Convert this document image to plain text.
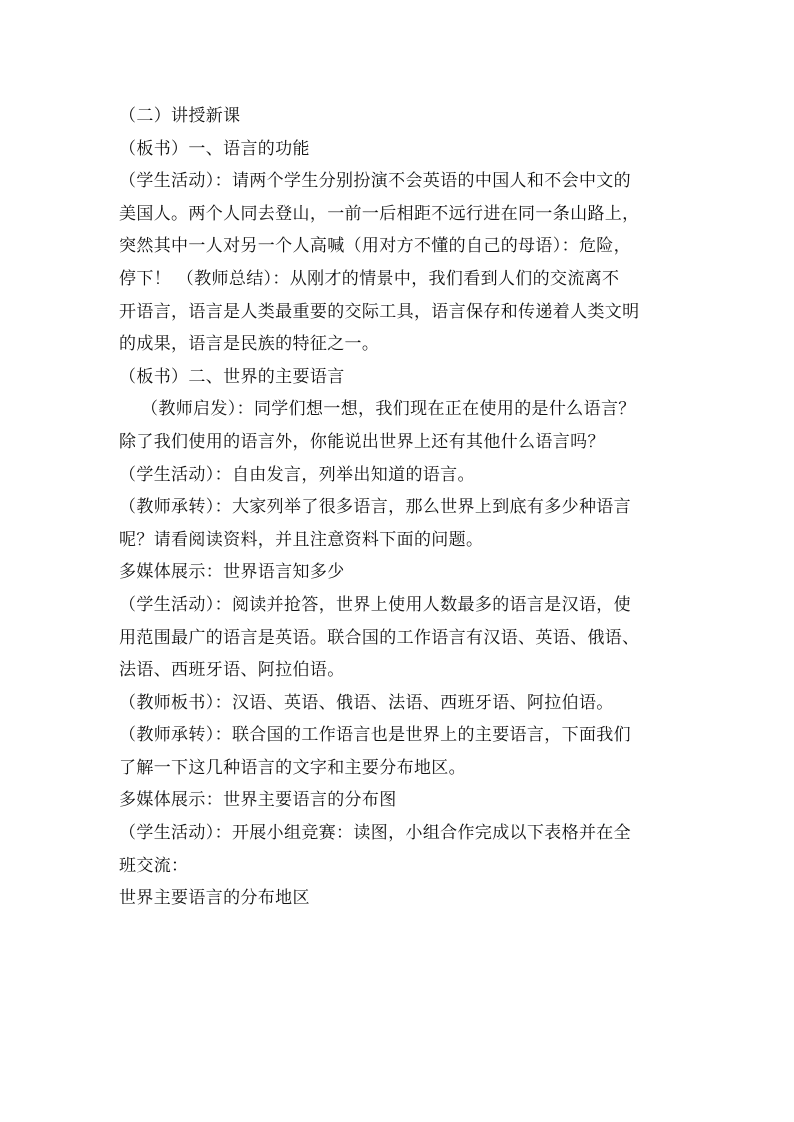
（二）讲授新课
（板书）一、语言的功能
（学生活动）：请两个学生分别扮演不会英语的中国人和不会中文的
美国人。两个人同去登山，一前一后相距不远行进在同一条山路上，
突然其中一人对另一个人高喊（用对方不懂的自己的母语）：危险，
停下！ （教师总结）：从刚才的情景中，我们看到人们的交流离不
开语言，语言是人类最重要的交际工具，语言保存和传递着人类文明
的成果，语言是民族的特征之一。
（板书）二、世界的主要语言
（教师启发）：同学们想一想，我们现在正在使用的是什么语言？
除了我们使用的语言外，你能说出世界上还有其他什么语言吗？
（学生活动）：自由发言，列举出知道的语言。
（教师承转）：大家列举了很多语言，那么世界上到底有多少种语言
呢？请看阅读资料，并且注意资料下面的问题。
多媒体展示：世界语言知多少
（学生活动）：阅读并抢答，世界上使用人数最多的语言是汉语，使
用范围最广的语言是英语。联合国的工作语言有汉语、英语、俄语、
法语、西班牙语、阿拉伯语。
（教师板书）：汉语、英语、俄语、法语、西班牙语、阿拉伯语。
（教师承转）：联合国的工作语言也是世界上的主要语言，下面我们
了解一下这几种语言的文字和主要分布地区。
多媒体展示：世界主要语言的分布图
（学生活动）：开展小组竞赛：读图，小组合作完成以下表格并在全
班交流：
世界主要语言的分布地区
